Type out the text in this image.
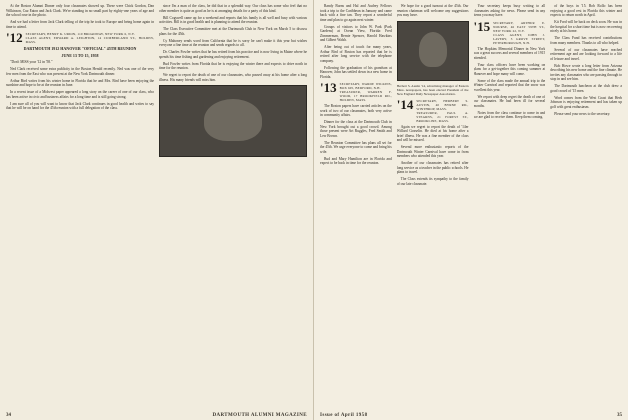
At the Boston Alumni Dinner only four classmates showed up. These were Chick Gordon, Dan Wilkinson, Cuz Eaton and Jack Clark. We're standing in no small part by eighty-one years of age and the school rose in the photo.

And we had a letter from Jack Clark telling of the trip he took to Europe and being home again in time to attend.

'12 SECRETARY, HENRY K. URION, 110 BROADWAY, NEW YORK 6, N.Y.
CLASS AGENT, EDWARD A. LEIGHTON, 14 CUMBERLAND ST., HOLDEN, MASS.
DARTMOUTH 1912 HANOVER "OFFICIAL" 45TH REUNION
JUNE 13 TO 15, 1958

"Don't MISS your '12 in '58."

Ned Clark received some extra publicity in the Boston Herald recently. Ned was one of the very few men from the East who was present at the New York Dartmouth dinner.

Arthur Bird writes from his winter home in Florida that he and Mrs. Bird have been enjoying the sunshine and hope to be at the reunion in June.

In a recent issue of a Midwest paper appeared a long story on the career of one of our class, who has been active in civic and business affairs for a long time and is still going strong.

I am sure all of you will want to know that Jack Clark continues in good health and writes to say that he will be on hand for the 45th reunion with a full delegation of the class.

since I'm a man of the class, he did that in a splendid way. Our class has some who feel that no other member is quite as good as he is at arranging details for a party of this kind.

Bill Cogswell came up for a weekend and reports that his family is all well and busy with various activities. Bill is in good health and is planning to attend the reunion.

The Class Executive Committee met at the Dartmouth Club in New York on March 5 to discuss plans for the 45th.

Cy Mahoney sends word from California that he is sorry he can't make it this year but wishes everyone a fine time at the reunion and sends regards to all.

Dr. Charles Fowler writes that he has retired from his practice and is now living in Maine where he spends his time fishing and gardening and enjoying retirement.

Bud Fowler writes from Florida that he is enjoying the winter there and expects to drive north in time for the reunion.

We regret to report the death of one of our classmates, who passed away at his home after a long illness. His many friends will miss him.

34	DARTMOUTH ALUMNI MAGAZINE

Randy Burns and Hal and Audrey Fellows took a trip to the Caribbean in January and came back with a fine tan. They report a wonderful time and plan to go again next winter.

Groups of visitors to John W. Park (Park Gardens) at Ocean View, Florida: Fred Zimmerman, Bernie Spencer, Harold Hawkins and Gilbert Walsh.

After being out of touch for many years, Arthur Bird of Boston has reported that he is retired after long service with the telephone company.

Following the graduation of his grandson at Hanover, John has settled down in a new home in Florida.

'13 SECRETARY, WARDE WILKINS, BOX 605, BEDFORD, N.H.
TREASURER, WARREN F. WOOD, 17 BROOKFIELD RD., HOLDEN, MASS.

The Boston papers have carried articles on the work of two of our classmates, both very active in community affairs.

Dinner for the class at the Dartmouth Club in New York brought out a good crowd. Among those present were Art Ruggles, Fred Smith and Lew Brown.

The Reunion Committee has plans all set for the 45th. We urge everyone to come and bring his wife.

Bud and Mary Hamilton are in Florida and expect to be back in time for the reunion.

We hope for a good turnout at the 45th. Our reunion chairman will welcome any suggestions you may have.

Herbert S. Austin '14, advertising manager of Eastern Mass. newspapers, has been elected President of the New England Daily Newspaper Association.
'14 SECRETARY, HERBERT S. AUSTIN, 40 BYRNE RD., WINTHROP, MASS.
TREASURER, PAUL A. STEARNS, 21 FOREST ST., BROOKLINE, MASS.

Again we regret to report the death of '14er Willard Gosselin. He died at his home after a brief illness. He was a fine member of the class and will be missed.

Several more enthusiastic reports of the Dartmouth Winter Carnival have come in from members who attended this year.

Another of our classmates has retired after long service as a teacher in the public schools. He plans to travel.

The Class extends its sympathy to the family of our late classmate.

Your secretary keeps busy writing to all classmates asking for news. Please send in any items you may have.

'15 SECRETARY, ARTHUR E. NOURSE, 46 EAST 59TH ST., NEW YORK 22, N.Y.
CLASS AGENT, JOHN J. LAVERY, 3 GROVE STREET, PETERBOROUGH, N.H.

The Hopkins Memorial Dinner in New York was a great success and several members of 1915 attended.

Your class officers have been working on plans for a get-together this coming summer at Hanover and hope many will come.

Some of the class made the annual trip to the Winter Carnival and reported that the snow was excellent this year.

We report with deep regret the death of one of our classmates. He had been ill for several months.

Notes from the class continue to come in and we are glad to receive them. Keep them coming.

of the boys in '15. Bob Rollo has been enjoying a good rest in Florida this winter and expects to return north in April.

Kit Ford will be back on deck soon. He was in the hospital for a short time but is now recovering nicely at his home.

The Class Fund has received contributions from many members. Thanks to all who helped.

Several of our classmates have reached retirement age and are looking forward to a life of leisure and travel.

Bob Howe wrote a long letter from Arizona describing his new home and the fine climate. He invites any classmates who are passing through to stop in and see him.

The Dartmouth luncheon at the club drew a good crowd of '15 men.

Word comes from the West Coast that Herb Johnson is enjoying retirement and has taken up golf with great enthusiasm.

Please send your news to the secretary.

Issue of April 1958	35
